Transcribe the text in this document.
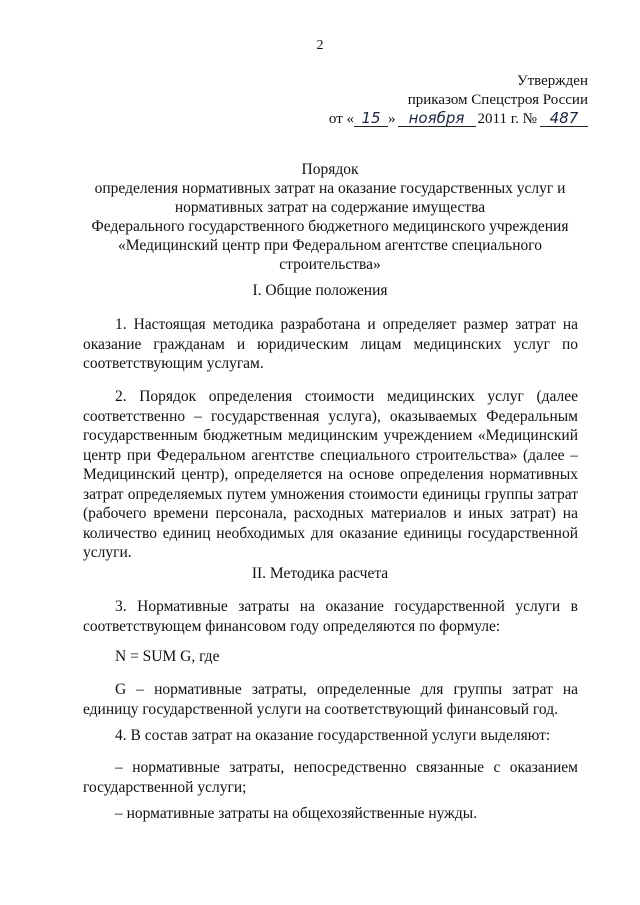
2
Утвержден
приказом Спецстроя России
от « 15 » ноября 2011 г. № 487
Порядок
определения нормативных затрат на оказание государственных услуг и
нормативных затрат на содержание имущества
Федерального государственного бюджетного медицинского учреждения
«Медицинский центр при Федеральном агентстве специального
строительства»
I. Общие положения
1. Настоящая методика разработана и определяет размер затрат на оказание гражданам и юридическим лицам медицинских услуг по соответствующим услугам.
2. Порядок определения стоимости медицинских услуг (далее соответственно – государственная услуга), оказываемых Федеральным государственным бюджетным медицинским учреждением «Медицинский центр при Федеральном агентстве специального строительства» (далее – Медицинский центр), определяется на основе определения нормативных затрат определяемых путем умножения стоимости единицы группы затрат (рабочего времени персонала, расходных материалов и иных затрат) на количество единиц необходимых для оказание единицы государственной услуги.
II. Методика расчета
3. Нормативные затраты на оказание государственной услуги в соответствующем финансовом году определяются по формуле:
N = SUM G, где
G – нормативные затраты, определенные для группы затрат на единицу государственной услуги на соответствующий финансовый год.
4. В состав затрат на оказание государственной услуги выделяют:
– нормативные затраты, непосредственно связанные с оказанием государственной услуги;
– нормативные затраты на общехозяйственные нужды.
